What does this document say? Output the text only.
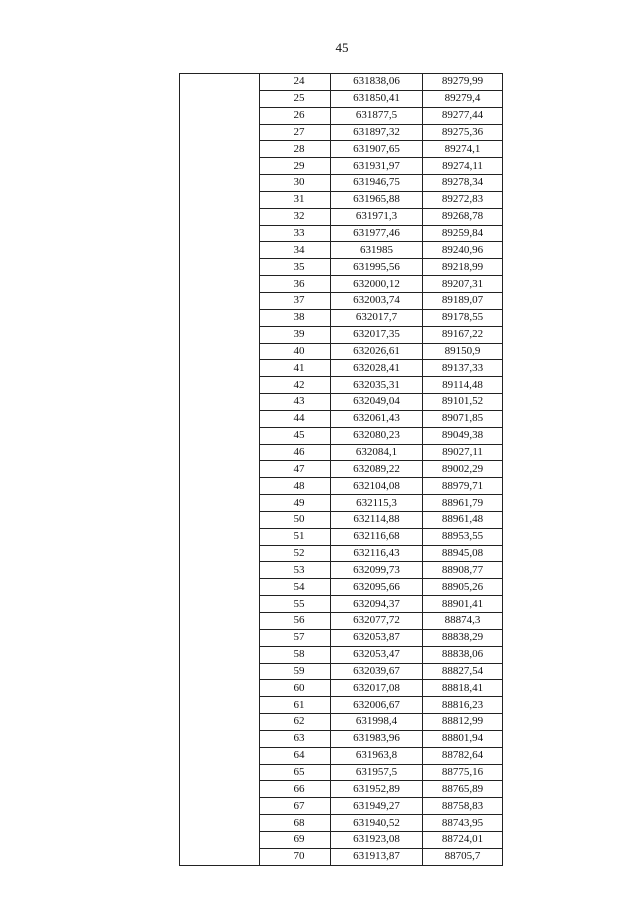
45
	24	631838,06	89279,99
	25	631850,41	89279,4
	26	631877,5	89277,44
	27	631897,32	89275,36
	28	631907,65	89274,1
	29	631931,97	89274,11
	30	631946,75	89278,34
	31	631965,88	89272,83
	32	631971,3	89268,78
	33	631977,46	89259,84
	34	631985	89240,96
	35	631995,56	89218,99
	36	632000,12	89207,31
	37	632003,74	89189,07
	38	632017,7	89178,55
	39	632017,35	89167,22
	40	632026,61	89150,9
	41	632028,41	89137,33
	42	632035,31	89114,48
	43	632049,04	89101,52
	44	632061,43	89071,85
	45	632080,23	89049,38
	46	632084,1	89027,11
	47	632089,22	89002,29
	48	632104,08	88979,71
	49	632115,3	88961,79
	50	632114,88	88961,48
	51	632116,68	88953,55
	52	632116,43	88945,08
	53	632099,73	88908,77
	54	632095,66	88905,26
	55	632094,37	88901,41
	56	632077,72	88874,3
	57	632053,87	88838,29
	58	632053,47	88838,06
	59	632039,67	88827,54
	60	632017,08	88818,41
	61	632006,67	88816,23
	62	631998,4	88812,99
	63	631983,96	88801,94
	64	631963,8	88782,64
	65	631957,5	88775,16
	66	631952,89	88765,89
	67	631949,27	88758,83
	68	631940,52	88743,95
	69	631923,08	88724,01
	70	631913,87	88705,7
